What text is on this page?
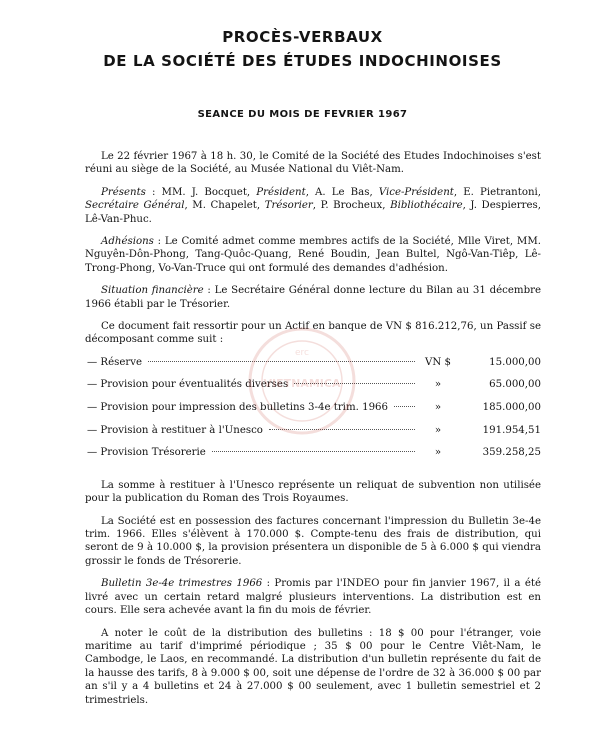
PROCÈS-VERBAUX
DE LA SOCIÉTÉ DES ÉTUDES INDOCHINOISES
SEANCE DU MOIS DE FEVRIER 1967

Le 22 février 1967 à 18 h. 30, le Comité de la Société des Etudes Indochinoises s'est réuni au siège de la Société, au Musée National du Viêt-Nam.

Présents : MM. J. Bocquet, Président, A. Le Bas, Vice-Président, E. Pietrantoni, Secrétaire Général, M. Chapelet, Trésorier, P. Brocheux, Bibliothécaire, J. Despierres, Lê-Van-Phuc.

Adhésions : Le Comité admet comme membres actifs de la Société, Mlle Viret, MM. Nguyên-Dôn-Phong, Tang-Quôc-Quang, René Boudin, Jean Bultel, Ngô-Van-Tiêp, Lê-Trong-Phong, Vo-Van-Truce qui ont formulé des demandes d'adhésion.

Situation financière : Le Secrétaire Général donne lecture du Bilan au 31 décembre 1966 établi par le Trésorier.

Ce document fait ressortir pour un Actif en banque de VN $ 816.212,76, un Passif se décomposant comme suit :

— Réserve	VN $	15.000,00
— Provision pour éventualités diverses	»	65.000,00
— Provision pour impression des bulletins 3-4e trim. 1966	»	185.000,00
— Provision à restituer à l'Unesco	»	191.954,51
— Provision Trésorerie	»	359.258,25

La somme à restituer à l'Unesco représente un reliquat de subvention non utilisée pour la publication du Roman des Trois Royaumes.

La Société est en possession des factures concernant l'impression du Bulletin 3e-4e trim. 1966. Elles s'élèvent à 170.000 $. Compte-tenu des frais de distribution, qui seront de 9 à 10.000 $, la provision présentera un disponible de 5 à 6.000 $ qui viendra grossir le fonds de Trésorerie.

Bulletin 3e-4e trimestres 1966 : Promis par l'INDEO pour fin janvier 1967, il a été livré avec un certain retard malgré plusieurs interventions. La distribution est en cours. Elle sera achevée avant la fin du mois de février.

A noter le coût de la distribution des bulletins : 18 $ 00 pour l'étranger, voie maritime au tarif d'imprimé périodique ; 35 $ 00 pour le Centre Viêt-Nam, le Cambodge, le Laos, en recommandé. La distribution d'un bulletin représente du fait de la hausse des tarifs, 8 à 9.000 $ 00, soit une dépense de l'ordre de 32 à 36.000 $ 00 par an s'il y a 4 bulletins et 24 à 27.000 $ 00 seulement, avec 1 bulletin semestriel et 2 trimestriels.

erc
VIETNAMICA
